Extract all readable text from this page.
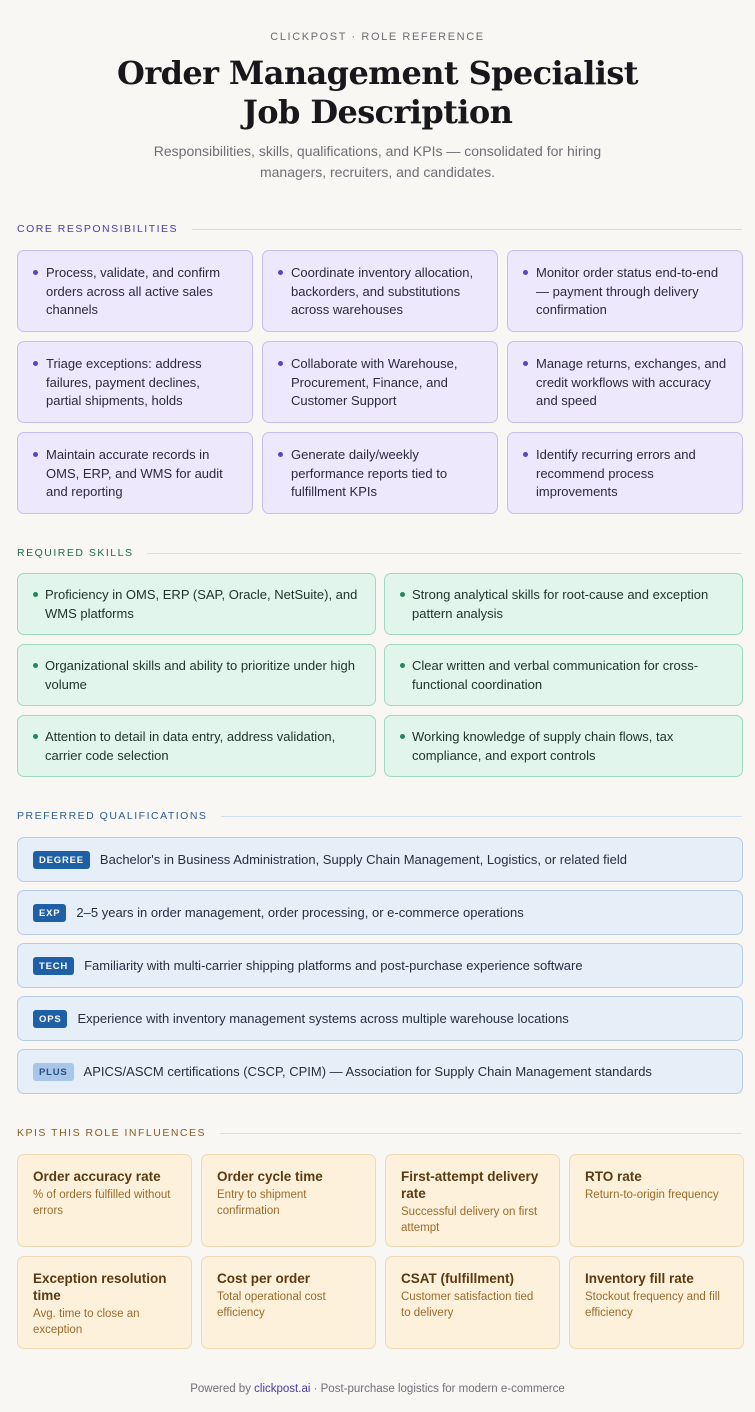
CLICKPOST · ROLE REFERENCE
Order Management Specialist
Job Description

Responsibilities, skills, qualifications, and KPIs — consolidated for hiring managers, recruiters, and candidates.

CORE RESPONSIBILITIES
Process, validate, and confirm orders across all active sales channels
Coordinate inventory allocation, backorders, and substitutions across warehouses
Monitor order status end-to-end — payment through delivery confirmation
Triage exceptions: address failures, payment declines, partial shipments, holds
Collaborate with Warehouse, Procurement, Finance, and Customer Support
Manage returns, exchanges, and credit workflows with accuracy and speed
Maintain accurate records in OMS, ERP, and WMS for audit and reporting
Generate daily/weekly performance reports tied to fulfillment KPIs
Identify recurring errors and recommend process improvements
REQUIRED SKILLS
Proficiency in OMS, ERP (SAP, Oracle, NetSuite), and WMS platforms
Strong analytical skills for root-cause and exception pattern analysis
Organizational skills and ability to prioritize under high volume
Clear written and verbal communication for cross-functional coordination
Attention to detail in data entry, address validation, carrier code selection
Working knowledge of supply chain flows, tax compliance, and export controls
PREFERRED QUALIFICATIONS
DEGREE	Bachelor's in Business Administration, Supply Chain Management, Logistics, or related field
EXP	2–5 years in order management, order processing, or e-commerce operations
TECH	Familiarity with multi-carrier shipping platforms and post-purchase experience software
OPS	Experience with inventory management systems across multiple warehouse locations
PLUS	APICS/ASCM certifications (CSCP, CPIM) — Association for Supply Chain Management standards
KPIS THIS ROLE INFLUENCES
Order accuracy rate
% of orders fulfilled without errors
Order cycle time
Entry to shipment confirmation
First-attempt delivery rate
Successful delivery on first attempt
RTO rate
Return-to-origin frequency
Exception resolution time
Avg. time to close an exception
Cost per order
Total operational cost efficiency
CSAT (fulfillment)
Customer satisfaction tied to delivery
Inventory fill rate
Stockout frequency and fill efficiency
Powered by clickpost.ai · Post-purchase logistics for modern e-commerce
